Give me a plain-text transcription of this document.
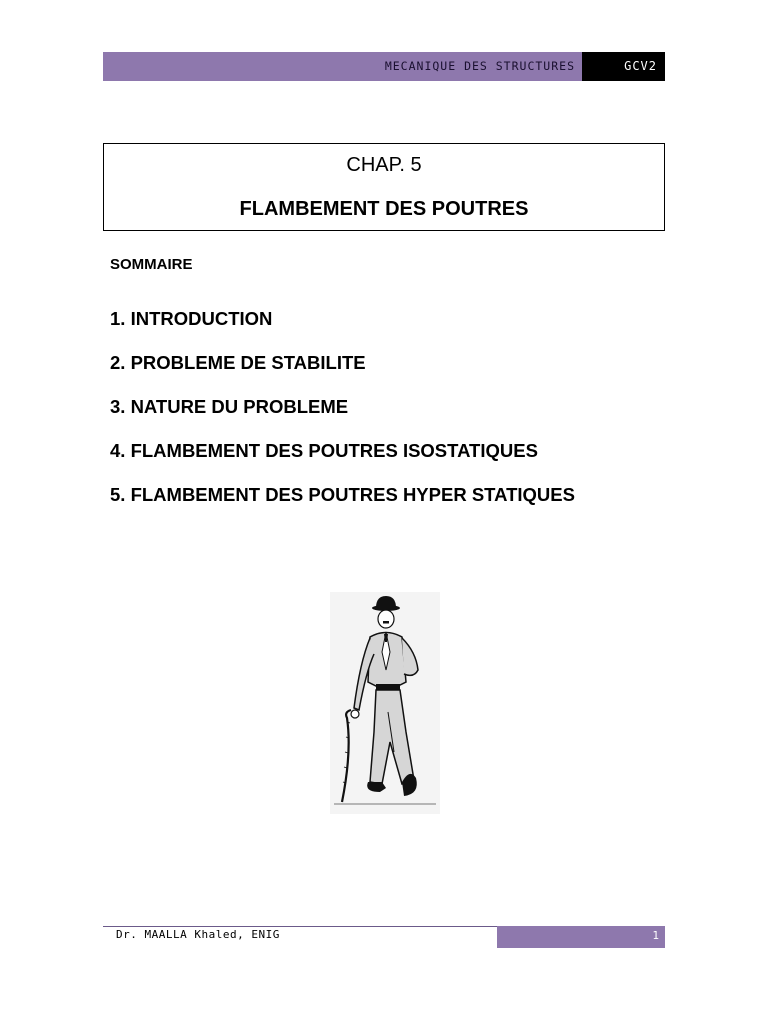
MECANIQUE DES STRUCTURES	GCV2
CHAP. 5
FLAMBEMENT DES POUTRES
SOMMAIRE
1. INTRODUCTION
2. PROBLEME DE STABILITE
3. NATURE DU PROBLEME
4. FLAMBEMENT DES POUTRES ISOSTATIQUES
5. FLAMBEMENT DES POUTRES HYPER STATIQUES
Dr. MAALLA Khaled, ENIG	1
